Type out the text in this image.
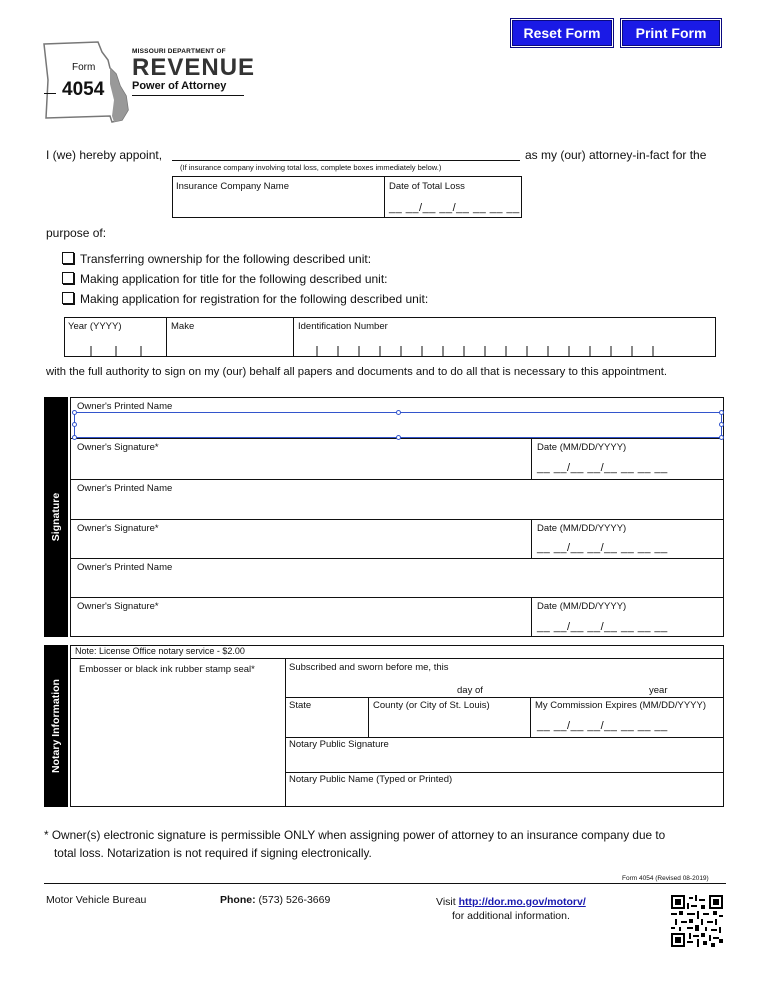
Reset Form	Print Form
Form
4054
MISSOURI DEPARTMENT OF
REVENUE
Power of Attorney
I (we) hereby appoint,	as my (our) attorney-in-fact for the
(If insurance company involving total loss, complete boxes immediately below.)
Insurance Company Name	Date of Total Loss
__ __/__ __/__ __ __ __
purpose of:
Transferring ownership for the following described unit:
Making application for title for the following described unit:
Making application for registration for the following described unit:
Year (YYYY)	Make	Identification Number
with the full authority to sign on my (our) behalf all papers and documents and to do all that is necessary to this appointment.
Signature
Owner's Printed Name
Owner's Signature*	Date (MM/DD/YYYY)
__ __/__ __/__ __ __ __
Owner's Printed Name
Owner's Signature*	Date (MM/DD/YYYY)
__ __/__ __/__ __ __ __
Owner's Printed Name
Owner's Signature*	Date (MM/DD/YYYY)
__ __/__ __/__ __ __ __
Notary Information
Note: License Office notary service - $2.00
Embosser or black ink rubber stamp seal*	Subscribed and sworn before me, this
day of	year
State	County (or City of St. Louis)	My Commission Expires (MM/DD/YYYY)
__ __/__ __/__ __ __ __
Notary Public Signature
Notary Public Name (Typed or Printed)
* Owner(s) electronic signature is permissible ONLY when assigning power of attorney to an insurance company due to
total loss. Notarization is not required if signing electronically.
Form 4054 (Revised 08-2019)
Motor Vehicle Bureau	Phone: (573) 526-3669	Visit http://dor.mo.gov/motorv/
for additional information.
